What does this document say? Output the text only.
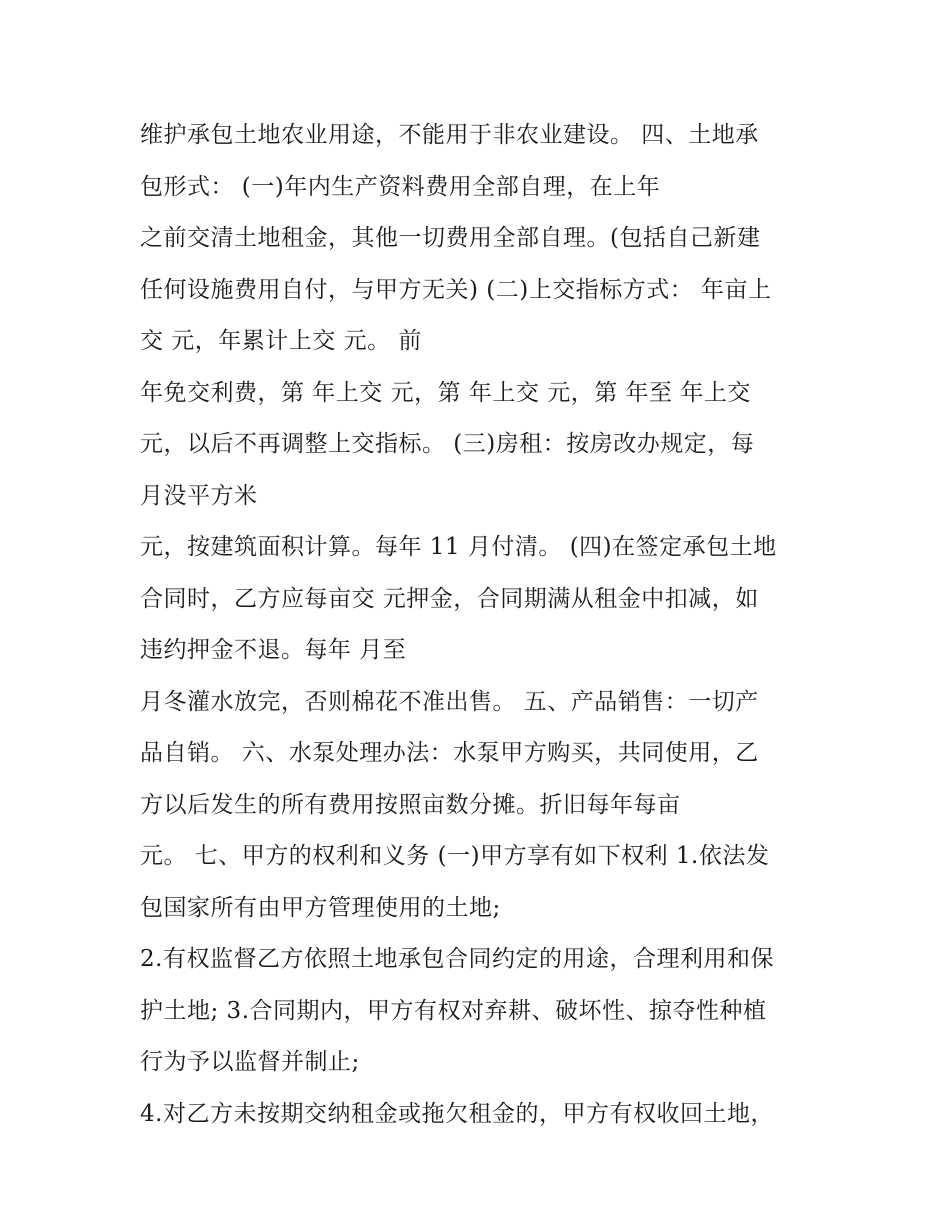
维护承包土地农业用途，不能用于非农业建设。 四、土地承
包形式： (一)年内生产资料费用全部自理，在上年
之前交清土地租金，其他一切费用全部自理。(包括自己新建
任何设施费用自付，与甲方无关) (二)上交指标方式： 年亩上
交 元，年累计上交 元。 前
年免交利费，第 年上交 元，第 年上交 元，第 年至 年上交
元，以后不再调整上交指标。 (三)房租：按房改办规定，每
月没平方米
元，按建筑面积计算。每年 11 月付清。 (四)在签定承包土地
合同时，乙方应每亩交 元押金，合同期满从租金中扣减，如
违约押金不退。每年 月至
月冬灌水放完，否则棉花不准出售。 五、产品销售：一切产
品自销。 六、水泵处理办法：水泵甲方购买，共同使用，乙
方以后发生的所有费用按照亩数分摊。折旧每年每亩
元。 七、甲方的权利和义务 (一)甲方享有如下权利 1.依法发
包国家所有由甲方管理使用的土地;
2.有权监督乙方依照土地承包合同约定的用途，合理利用和保
护土地; 3.合同期内，甲方有权对弃耕、破坏性、掠夺性种植
行为予以监督并制止;
4.对乙方未按期交纳租金或拖欠租金的，甲方有权收回土地，
